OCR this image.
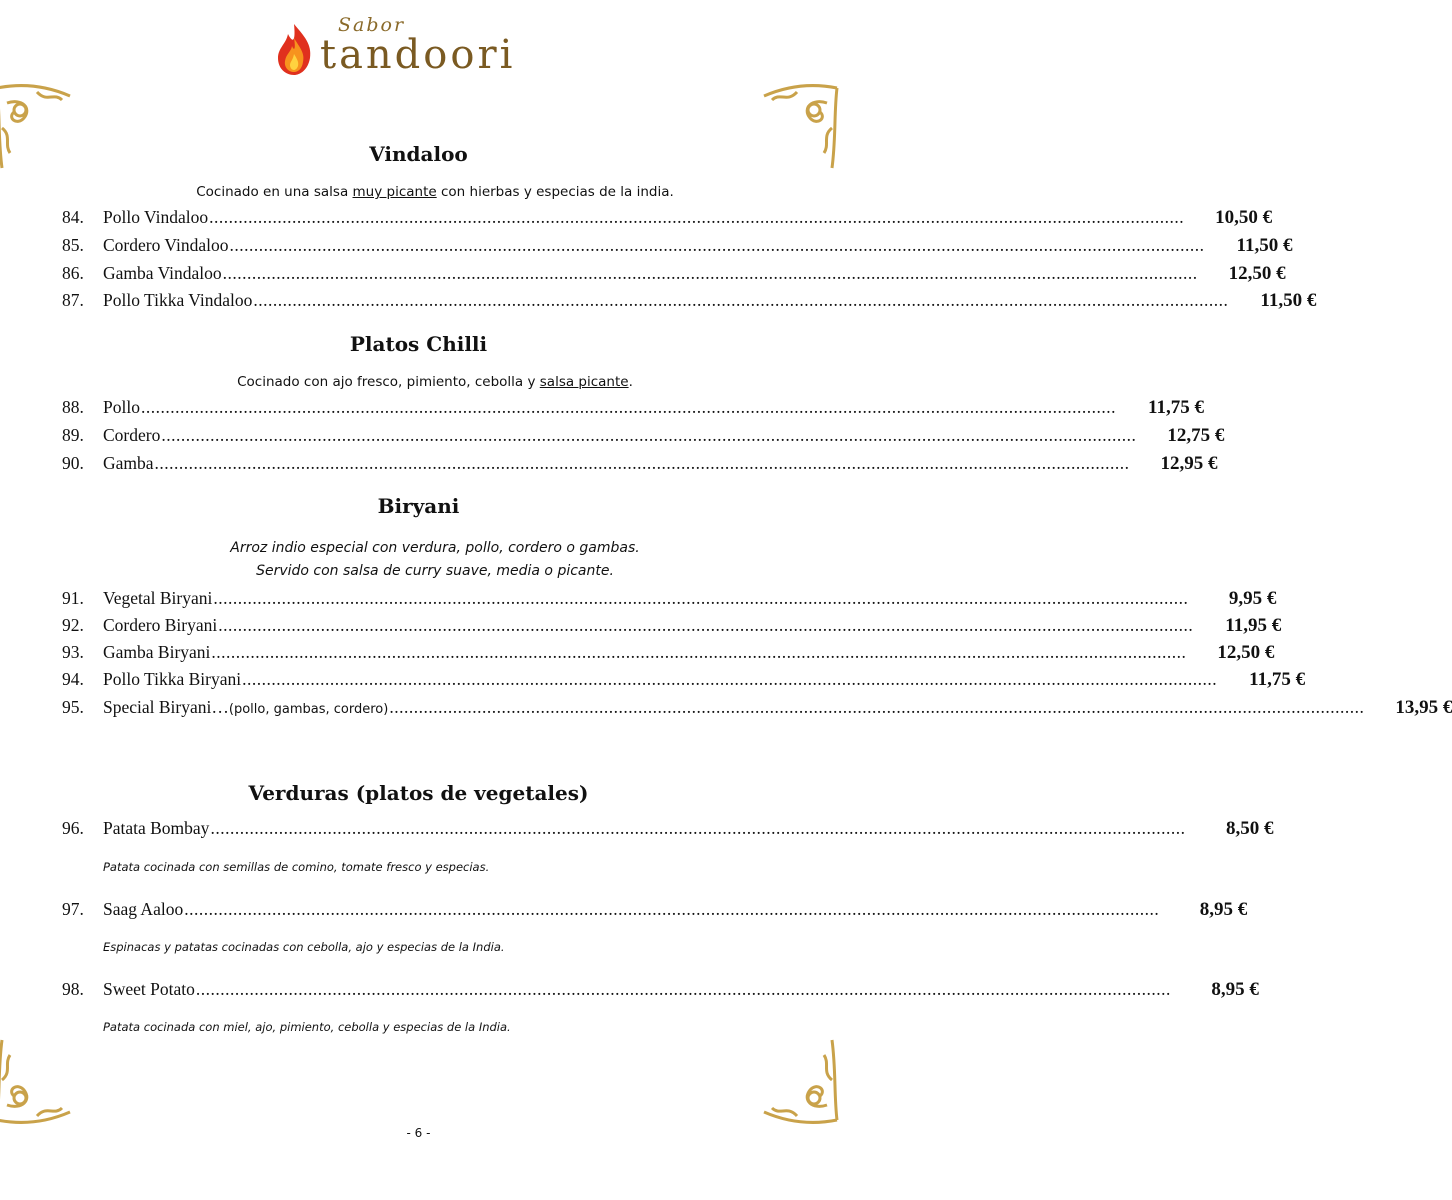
Sabor
tandoori
Vindaloo
Cocinado en una salsa muy picante con hierbas y especias de la india.
84.	Pollo Vindaloo ........................................................................................................................................................................................................	10,50 €
85.	Cordero Vindaloo ........................................................................................................................................................................................................	11,50 €
86.	Gamba Vindaloo ........................................................................................................................................................................................................	12,50 €
87.	Pollo Tikka Vindaloo ........................................................................................................................................................................................................	11,50 €
Platos Chilli
Cocinado con ajo fresco, pimiento, cebolla y salsa picante.
88.	Pollo ........................................................................................................................................................................................................	11,75 €
89.	Cordero ........................................................................................................................................................................................................	12,75 €
90.	Gamba ........................................................................................................................................................................................................	12,95 €
Biryani
Arroz indio especial con verdura, pollo, cordero o gambas.
Servido con salsa de curry suave, media o picante.
91.	Vegetal Biryani ........................................................................................................................................................................................................	9,95 €
92.	Cordero Biryani ........................................................................................................................................................................................................	11,95 €
93.	Gamba Biryani ........................................................................................................................................................................................................	12,50 €
94.	Pollo Tikka Biryani ........................................................................................................................................................................................................	11,75 €
95.	Special Biryani… (pollo, gambas, cordero) ........................................................................................................................................................................................................	13,95 €
Verduras (platos de vegetales)
96.	Patata Bombay ........................................................................................................................................................................................................	8,50 €
Patata cocinada con semillas de comino, tomate fresco y especias.
97.	Saag Aaloo ........................................................................................................................................................................................................	8,95 €
Espinacas y patatas cocinadas con cebolla, ajo y especias de la India.
98.	Sweet Potato ........................................................................................................................................................................................................	8,95 €
Patata cocinada con miel, ajo, pimiento, cebolla y especias de la India.
- 6 -
